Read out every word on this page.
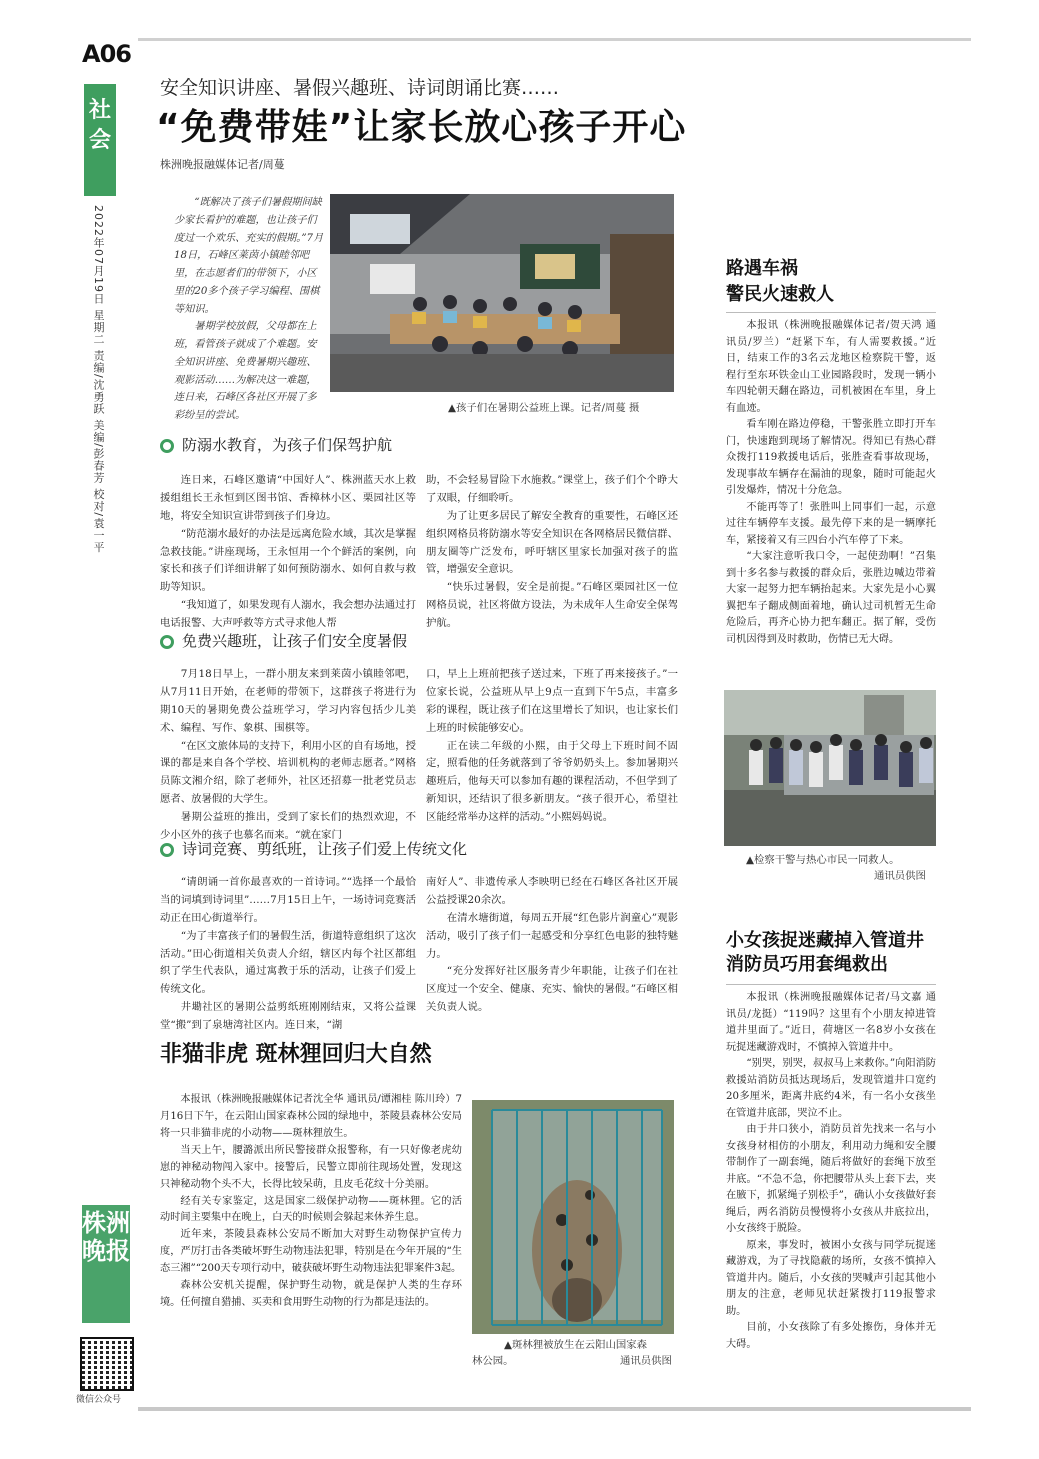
A06
社会
2022年07月19日 星期二 责编/沈勇跃 美编/彭春芳 校对/袁一平
安全知识讲座、暑假兴趣班、诗词朗诵比赛……
“免费带娃”让家长放心孩子开心
株洲晚报融媒体记者/周蔓

“既解决了孩子们暑假期间缺少家长看护的难题，也让孩子们度过一个欢乐、充实的假期。”7月18日，石峰区莱茵小镇睦邻吧里，在志愿者们的带领下，小区里的20多个孩子学习编程、围棋等知识。

暑期学校放假，父母都在上班，看管孩子就成了个难题。安全知识讲座、免费暑期兴趣班、观影活动……为解决这一难题，连日来，石峰区各社区开展了多彩纷呈的尝试。

▲孩子们在暑期公益班上课。记者/周蔓 摄
防溺水教育，为孩子们保驾护航

连日来，石峰区邀请“中国好人”、株洲蓝天水上救援组组长王永恒到区图书馆、香樟林小区、栗园社区等地，将安全知识宣讲带到孩子们身边。

“防范溺水最好的办法是远离危险水域，其次是掌握急救技能。”讲座现场，王永恒用一个个鲜活的案例，向家长和孩子们详细讲解了如何预防溺水、如何自救与救助等知识。

“我知道了，如果发现有人溺水，我会想办法通过打电话报警、大声呼救等方式寻求他人帮

助，不会轻易冒险下水施救。”课堂上，孩子们个个睁大了双眼，仔细聆听。

为了让更多居民了解安全教育的重要性，石峰区还组织网格员将防溺水等安全知识在各网格居民微信群、朋友圈等广泛发布，呼吁辖区里家长加强对孩子的监管，增强安全意识。

“快乐过暑假，安全是前提。”石峰区栗园社区一位网格员说，社区将做方设法，为未成年人生命安全保驾护航。

免费兴趣班，让孩子们安全度暑假

7月18日早上，一群小朋友来到莱茵小镇睦邻吧，从7月11日开始，在老师的带领下，这群孩子将进行为期10天的暑期免费公益班学习，学习内容包括少儿美术、编程、写作、象棋、围棋等。

“在区文旅体局的支持下，利用小区的自有场地，授课的都是来自各个学校、培训机构的老师志愿者。”网格员陈文湘介绍，除了老师外，社区还招募一批老党员志愿者、放暑假的大学生。

暑期公益班的推出，受到了家长们的热烈欢迎，不少小区外的孩子也慕名而来。“就在家门

口，早上上班前把孩子送过来，下班了再来接孩子。”一位家长说，公益班从早上9点一直到下午5点，丰富多彩的课程，既让孩子们在这里增长了知识，也让家长们上班的时候能够安心。

正在读二年级的小熙，由于父母上下班时间不固定，照看他的任务就落到了爷爷奶奶头上。参加暑期兴趣班后，他每天可以参加有趣的课程活动，不但学到了新知识，还结识了很多新朋友。“孩子很开心，希望社区能经常举办这样的活动。”小熙妈妈说。

诗词竞赛、剪纸班，让孩子们爱上传统文化

“请朗诵一首你最喜欢的一首诗词。”“选择一个最恰当的词填到诗词里”……7月15日上午，一场诗词竞赛活动正在田心街道举行。

“为了丰富孩子们的暑假生活，街道特意组织了这次活动。”田心街道相关负责人介绍，辖区内每个社区都组织了学生代表队，通过寓教于乐的活动，让孩子们爱上传统文化。

井墈社区的暑期公益剪纸班刚刚结束，又将公益课堂“搬”到了泉塘湾社区内。连日来，“湖

南好人”、非遗传承人李映明已经在石峰区各社区开展公益授课20余次。

在清水塘街道，每周五开展“红色影片润童心”观影活动，吸引了孩子们一起感受和分享红色电影的独特魅力。

“充分发挥好社区服务青少年职能，让孩子们在社区度过一个安全、健康、充实、愉快的暑假。”石峰区相关负责人说。

非猫非虎 斑林狸回归大自然

本报讯（株洲晚报融媒体记者沈全华 通讯员/谭湘桂 陈川玲）7月16日下午，在云阳山国家森林公园的绿地中，茶陵县森林公安局将一只非猫非虎的小动物——斑林狸放生。

当天上午，腰潞派出所民警接群众报警称，有一只好像老虎幼崽的神秘动物闯入家中。接警后，民警立即前往现场处置，发现这只神秘动物个头不大，长得比较呆萌，且皮毛花纹十分美丽。

经有关专家鉴定，这是国家二级保护动物——斑林狸。它的活动时间主要集中在晚上，白天的时候则会躲起来休养生息。

近年来，茶陵县森林公安局不断加大对野生动物保护宣传力度，严厉打击各类破坏野生动物违法犯罪，特别是在今年开展的“生态三湘”“200天专项行动中，破获破坏野生动物违法犯罪案件3起。

森林公安机关提醒，保护野生动物，就是保护人类的生存环境。任何擅自猎捕、买卖和食用野生动物的行为都是违法的。

▲斑林狸被放生在云阳山国家森
林公园。	通讯员供图
路遇车祸
警民火速救人

本报讯（株洲晚报融媒体记者/贺天鸿 通讯员/罗兰）“赶紧下车，有人需要救援。”近日，结束工作的3名云龙地区检察院干警，返程行至东环铁金山工业园路段时，发现一辆小车四轮朝天翻在路边，司机被困在车里，身上有血迹。

看车刚在路边停稳，干警张胜立即打开车门，快速跑到现场了解情况。得知已有热心群众拨打119救援电话后，张胜查看事故现场，发现事故车辆存在漏油的现象，随时可能起火引发爆炸，情况十分危急。

不能再等了！张胜叫上同事们一起，示意过往车辆停车支援。最先停下来的是一辆摩托车，紧接着又有三四台小汽车停了下来。

“大家注意听我口令，一起使劲啊！”召集到十多名参与救援的群众后，张胜边喊边带着大家一起努力把车辆抬起来。大家先是小心翼翼把车子翻成侧面着地，确认过司机暂无生命危险后，再齐心协力把车翻正。据了解，受伤司机因得到及时救助，伤情已无大碍。

▲检察干警与热心市民一同救人。
通讯员供图
小女孩捉迷藏掉入管道井
消防员巧用套绳救出

本报讯（株洲晚报融媒体记者/马文嘉 通讯员/龙挺）“119吗？这里有个小朋友掉进管道井里面了。”近日，荷塘区一名8岁小女孩在玩捉迷藏游戏时，不慎掉入管道井中。

“别哭，别哭，叔叔马上来救你。”向阳消防救援站消防员抵达现场后，发现管道井口宽约20多厘米，距离井底约4米，有一名小女孩坐在管道井底部，哭泣不止。

由于井口狭小，消防员首先找来一名与小女孩身材相仿的小朋友，利用动力绳和安全腰带制作了一副套绳，随后将做好的套绳下放至井底。“不急不急，你把腰带从头上套下去，夹在腋下，抓紧绳子别松手”，确认小女孩做好套绳后，两名消防员慢慢将小女孩从井底拉出，小女孩终于脱险。

原来，事发时，被困小女孩与同学玩捉迷藏游戏，为了寻找隐蔽的场所，女孩不慎掉入管道井内。随后，小女孩的哭喊声引起其他小朋友的注意，老师见状赶紧拨打119报警求助。

目前，小女孩除了有多处擦伤，身体并无大碍。

株洲晚报
微信公众号
